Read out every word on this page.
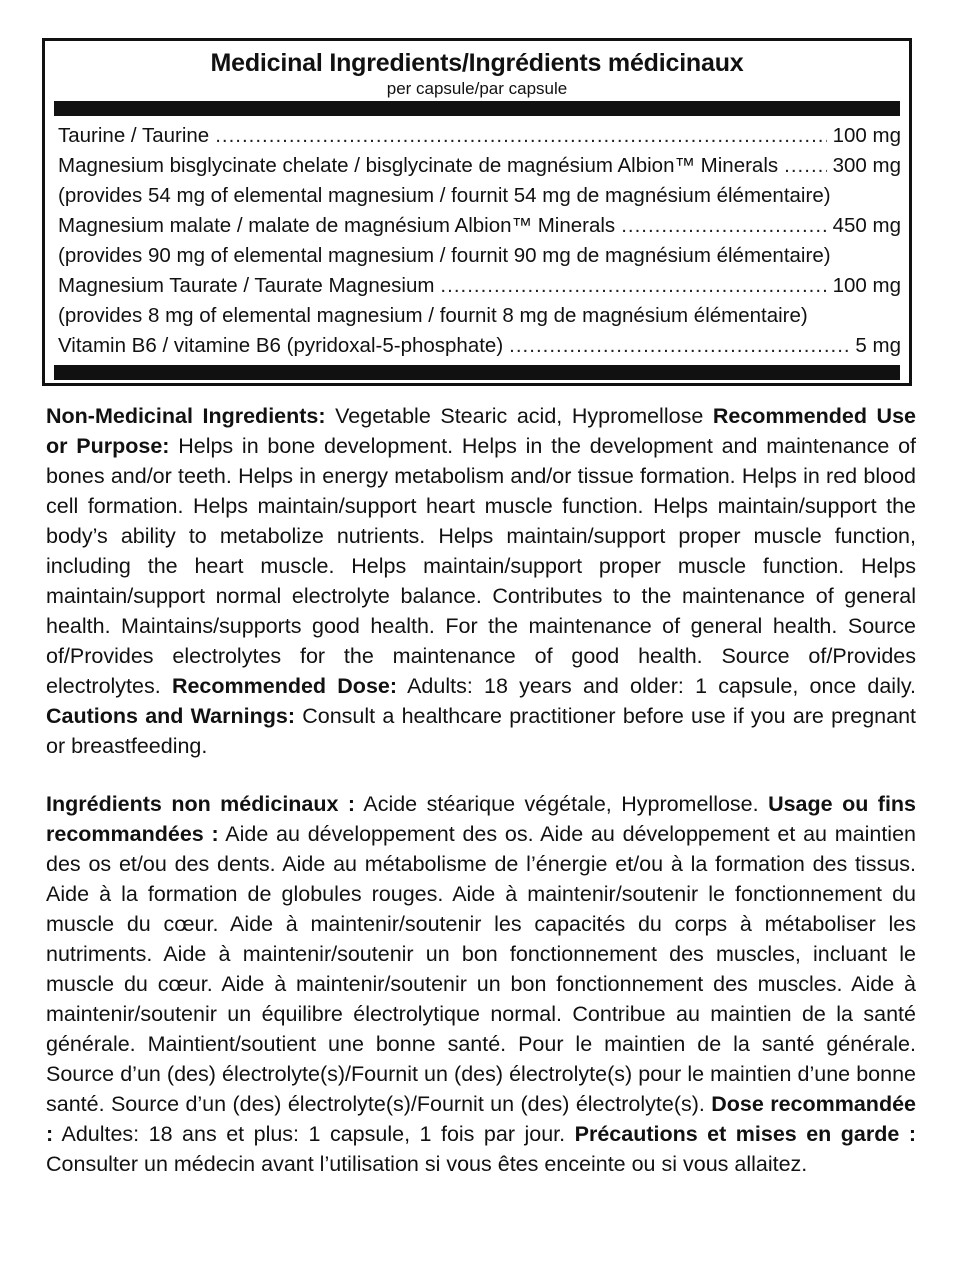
Medicinal Ingredients/Ingrédients médicinaux
per capsule/par capsule
Taurine / Taurine .....	100 mg
Magnesium bisglycinate chelate / bisglycinate de magnésium Albion™ Minerals .....	300 mg
(provides 54 mg of elemental magnesium / fournit 54 mg de magnésium élémentaire)
Magnesium malate / malate de magnésium Albion™ Minerals .....	450 mg
(provides 90 mg of elemental magnesium / fournit 90 mg de magnésium élémentaire)
Magnesium Taurate / Taurate Magnesium .....	100 mg
(provides 8 mg of elemental magnesium / fournit 8 mg de magnésium élémentaire)
Vitamin B6 / vitamine B6 (pyridoxal-5-phosphate) .....	5 mg
Non-Medicinal Ingredients: Vegetable Stearic acid, Hypromellose Recommended Use or Purpose: Helps in bone development. Helps in the development and maintenance of bones and/or teeth. Helps in energy metabolism and/or tissue formation. Helps in red blood cell formation. Helps maintain/support heart muscle function. Helps maintain/support the body’s ability to metabolize nutrients. Helps maintain/support proper muscle function, including the heart muscle. Helps maintain/support proper muscle function. Helps maintain/support normal electrolyte balance. Contributes to the maintenance of general health. Maintains/supports good health. For the maintenance of general health. Source of/Provides electrolytes for the maintenance of good health. Source of/Provides electrolytes. Recommended Dose: Adults: 18 years and older: 1 capsule, once daily. Cautions and Warnings: Consult a healthcare practitioner before use if you are pregnant or breastfeeding.
Ingrédients non médicinaux : Acide stéarique végétale, Hypromellose. Usage ou fins recommandées : Aide au développement des os. Aide au développement et au maintien des os et/ou des dents. Aide au métabolisme de l’énergie et/ou à la formation des tissus. Aide à la formation de globules rouges. Aide à maintenir/soutenir le fonctionnement du muscle du cœur. Aide à maintenir/soutenir les capacités du corps à métaboliser les nutriments. Aide à maintenir/soutenir un bon fonctionnement des muscles, incluant le muscle du cœur. Aide à maintenir/soutenir un bon fonctionnement des muscles. Aide à maintenir/soutenir un équilibre électrolytique normal. Contribue au maintien de la santé générale. Maintient/soutient une bonne santé. Pour le maintien de la santé générale. Source d’un (des) électrolyte(s)/Fournit un (des) électrolyte(s) pour le maintien d’une bonne santé. Source d’un (des) électrolyte(s)/Fournit un (des) électrolyte(s). Dose recommandée : Adultes: 18 ans et plus: 1 capsule, 1 fois par jour. Précautions et mises en garde : Consulter un médecin avant l’utilisation si vous êtes enceinte ou si vous allaitez.
